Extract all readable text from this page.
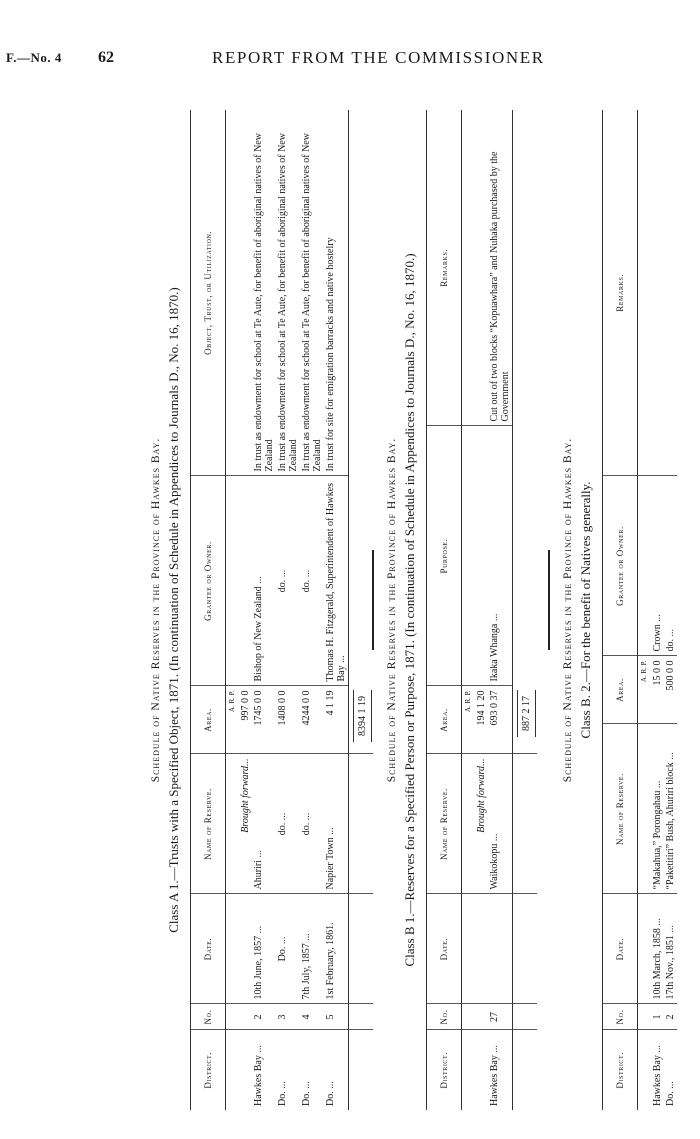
F.—No. 4 62	REPORT FROM THE COMMISSIONER
Schedule of Native Reserves in the Province of Hawkes Bay. Class A 1.—Trusts with a Specified Object, 1871. (In continuation of Schedule in Appendices to Journals D., No. 16, 1870.)
District.	No.	Date.	Name of Reserve.	Area.	Grantee or Owner.	Object, Trust, or Utilization.
				A. R. P.		
			Brought forward...	997 0 0		
Hawkes Bay ...	2	10th June, 1857 ...	Ahuriri ...	1745 0 0	Bishop of New Zealand ...	In trust as endowment for school at Te Aute, for benefit of aboriginal natives of New Zealand
Do. ...	3	Do. ...	do. ...	1408 0 0	do. ...	In trust as endowment for school at Te Aute, for benefit of aboriginal natives of New Zealand
Do. ...	4	7th July, 1857 ...	do. ...	4244 0 0	do. ...	In trust as endowment for school at Te Aute, for benefit of aboriginal natives of New Zealand
Do. ...	5	1st February, 1861.	Napier Town ...	4 1 19	Thomas H. Fitzgerald, Superintendent of Hawkes Bay ...	In trust for site for emigration barracks and native hostelry
				8394 1 19		Schedule of Native Reserves in the Province of Hawkes Bay. Class B 1.—Reserves for a Specified Person or Purpose, 1871. (In continuation of Schedule in Appendices to Journals D., No. 16, 1870.)
District.	No.	Date.	Name of Reserve.	Area.	Purpose.	Remarks.
				A. R. P.		
			Brought forward...	194 1 20		
Hawkes Bay ...	27		Waikokopu ...	693 0 37	Ikaka Whanga ...	Cut out of two blocks “Kopuawhara” and Nuhaka purchased by the Government
				887 2 17			Schedule of Native Reserves in the Province of Hawkes Bay. Class B. 2.—For the benefit of Natives generally.
District.	No.	Date.	Name of Reserve.	Area.	Grantee or Owner.	Remarks.
				A. R. P.		
Hawkes Bay ...	1	10th March, 1858 ...	“Makahua,” Porongahau ...	15 0 0	Crown ...	
Do. ...	2	17th Nov., 1851 ...	“Paketitiri” Bush, Ahuriri block ...	500 0 0	do. ...	
